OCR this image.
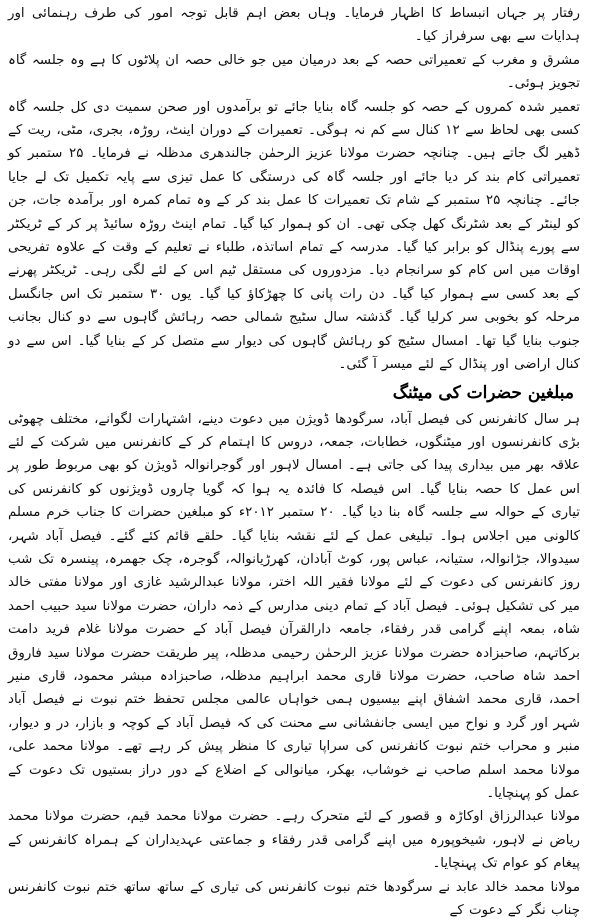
رفتار پر جہاں انبساط کا اظہار فرمایا۔ وہاں بعض اہم قابل توجہ امور کی طرف رہنمائی اور ہدایات سے بھی سرفراز کیا۔

مشرق و مغرب کے تعمیراتی حصہ کے بعد درمیان میں جو خالی حصہ ان پلاٹوں کا ہے وہ جلسہ گاہ تجویز ہوئی۔

تعمیر شدہ کمروں کے حصہ کو جلسہ گاہ بنایا جائے تو برآمدوں اور صحن سمیت دی کل جلسہ گاہ کسی بھی لحاظ سے ۱۲ کنال سے کم نہ ہوگی۔ تعمیرات کے دوران اینٹ، روڑہ، بجری، مٹی، ریت کے ڈھیر لگ جاتے ہیں۔ چنانچہ حضرت مولانا عزیز الرحمٰن جالندھری مدظلہ نے فرمایا۔ ۲۵ ستمبر کو تعمیراتی کام بند کر دیا جائے اور جلسہ گاہ کی درستگی کا عمل تیزی سے پایہ تکمیل تک لے جایا جائے۔ چنانچہ ۲۵ ستمبر کے شام تک تعمیرات کا عمل بند کر کے وہ تمام کمرہ اور برآمدہ جات، جن کو لینٹر کے بعد شٹرنگ کھل چکی تھی۔ ان کو ہموار کیا گیا۔ تمام اینٹ روڑہ سائیڈ پر کر کے ٹریکٹر سے پورے پنڈال کو برابر کیا گیا۔ مدرسہ کے تمام اساتذہ، طلباء نے تعلیم کے وقت کے علاوہ تفریحی اوقات میں اس کام کو سرانجام دیا۔ مزدوروں کی مستقل ٹیم اس کے لئے لگی رہی۔ ٹریکٹر پھرنے کے بعد کسی سے ہموار کیا گیا۔ دن رات پانی کا چھڑکاؤ کیا گیا۔ یوں ۳۰ ستمبر تک اس جانگسل مرحلہ کو بخوبی سر کرلیا گیا۔ گذشتہ سال سٹیج شمالی حصہ رہائش گاہوں سے دو کنال بجانب جنوب بنایا گیا تھا۔ امسال سٹیج کو رہائش گاہوں کی دیوار سے متصل کر کے بنایا گیا۔ اس سے دو کنال اراضی اور پنڈال کے لئے میسر آ گئی۔

مبلغین حضرات کی میٹنگ

ہر سال کانفرنس کی فیصل آباد، سرگودھا ڈویژن میں دعوت دینے، اشتہارات لگوانے، مختلف چھوٹی بڑی کانفرنسوں اور میٹنگوں، خطابات، جمعہ، دروس کا اہتمام کر کے کانفرنس میں شرکت کے لئے علاقہ بھر میں بیداری پیدا کی جاتی ہے۔ امسال لاہور اور گوجرانوالہ ڈویژن کو بھی مربوط طور پر اس عمل کا حصہ بنایا گیا۔ اس فیصلہ کا فائدہ یہ ہوا کہ گویا چاروں ڈویژنوں کو کانفرنس کی تیاری کے حوالہ سے جلسہ گاہ بنا دیا گیا۔ ۲۰ ستمبر ۲۰۱۲ء کو مبلغین حضرات کا جناب خرم مسلم کالونی میں اجلاس ہوا۔ تبلیغی عمل کے لئے نقشہ بنایا گیا۔ حلقے قائم کئے گئے۔ فیصل آباد شہر، سیدوالا، جڑانوالہ، ستیانہ، عباس پور، کوٹ آبادان، کھرڑیانوالہ، گوجرہ، چک جھمرہ، پینسرہ تک شب روز کانفرنس کی دعوت کے لئے مولانا فقیر اللہ اختر، مولانا عبدالرشید غازی اور مولانا مفتی خالد میر کی تشکیل ہوئی۔ فیصل آباد کے تمام دینی مدارس کے ذمہ داران، حضرت مولانا سید حبیب احمد شاہ، بمعہ اپنے گرامی قدر رفقاء، جامعہ دارالقرآن فیصل آباد کے حضرت مولانا غلام فرید دامت برکاتہم، صاحبزادہ حضرت مولانا عزیز الرحمٰن رحیمی مدظلہ، پیر طریقت حضرت مولانا سید فاروق احمد شاہ صاحب، حضرت مولانا قاری محمد ابراہیم مدظلہ، صاحبزادہ مبشر محمود، قاری منیر احمد، قاری محمد اشفاق اپنے بیسیوں ہمی خواہاں عالمی مجلس تحفظ ختم نبوت نے فیصل آباد شہر اور گرد و نواح میں ایسی جانفشانی سے محنت کی کہ فیصل آباد کے کوچہ و بازار، در و دیوار، منبر و محراب ختم نبوت کانفرنس کی سراپا تیاری کا منظر پیش کر رہے تھے۔ مولانا محمد علی، مولانا محمد اسلم صاحب نے خوشاب، بھکر، میانوالی کے اضلاع کے دور دراز بستیوں تک دعوت کے عمل کو پہنچایا۔

مولانا عبدالرزاق اوکاڑہ و قصور کے لئے متحرک رہے۔ حضرت مولانا محمد قیم، حضرت مولانا محمد ریاض نے لاہور، شیخوپورہ میں اپنے گرامی قدر رفقاء و جماعتی عہدیداران کے ہمراہ کانفرنس کے پیغام کو عوام تک پہنچایا۔

مولانا محمد خالد عابد نے سرگودھا ختم نبوت کانفرنس کی تیاری کے ساتھ ساتھ ختم نبوت کانفرنس چناب نگر کے دعوت کے
